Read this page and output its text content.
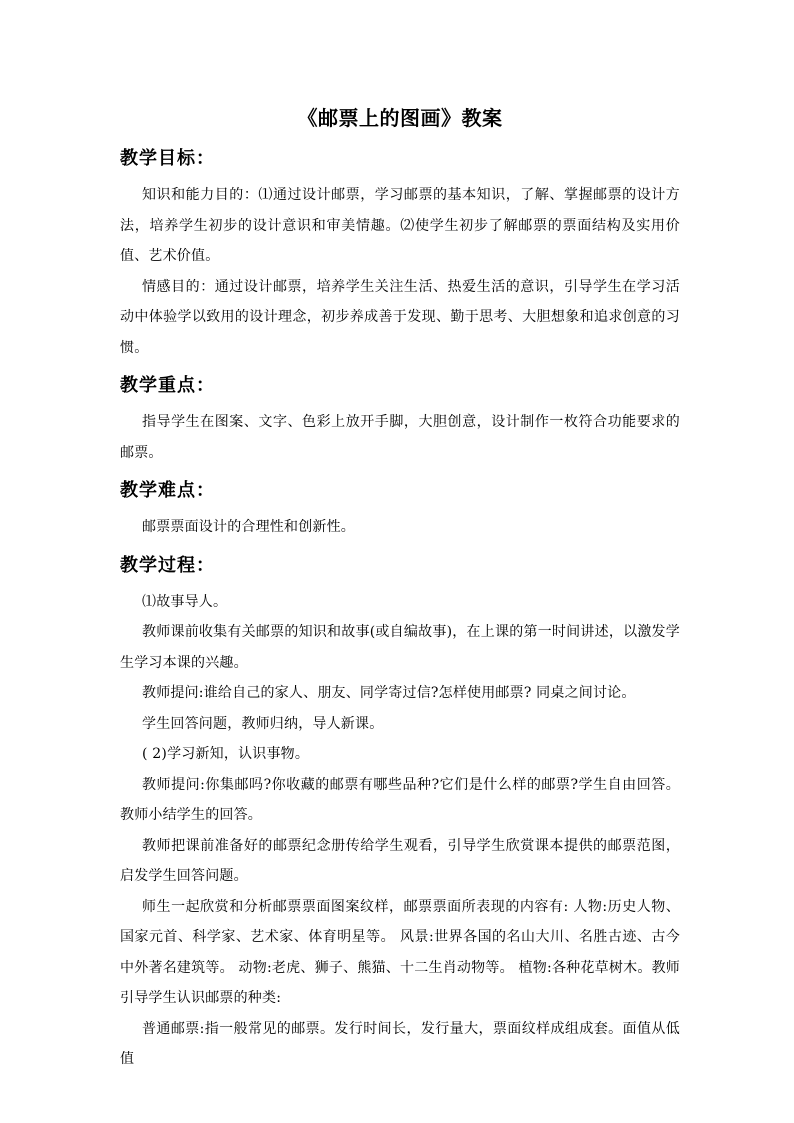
《邮票上的图画》教案
教学目标：

知识和能力目的：⑴通过设计邮票，学习邮票的基本知识，了解、掌握邮票的设计方法，培养学生初步的设计意识和审美情趣。⑵使学生初步了解邮票的票面结构及实用价值、艺术价值。

情感目的：通过设计邮票，培养学生关注生活、热爱生活的意识，引导学生在学习活动中体验学以致用的设计理念，初步养成善于发现、勤于思考、大胆想象和追求创意的习惯。

教学重点：

指导学生在图案、文字、色彩上放开手脚，大胆创意，设计制作一枚符合功能要求的邮票。

教学难点：

邮票票面设计的合理性和创新性。

教学过程：

⑴故事导人。

教师课前收集有关邮票的知识和故事(或自编故事)，在上课的第一时间讲述，以激发学生学习本课的兴趣。

教师提问:谁给自己的家人、朋友、同学寄过信?怎样使用邮票? 同桌之间讨论。

学生回答问题，教师归纳，导人新课。

( 2)学习新知，认识事物。

教师提问:你集邮吗?你收藏的邮票有哪些品种?它们是什么样的邮票?学生自由回答。教师小结学生的回答。

教师把课前准备好的邮票纪念册传给学生观看，引导学生欣赏课本提供的邮票范图，启发学生回答问题。

师生一起欣赏和分析邮票票面图案纹样，邮票票面所表现的内容有: 人物:历史人物、国家元首、科学家、艺术家、体育明星等。 风景:世界各国的名山大川、名胜古迹、古今中外著名建筑等。 动物:老虎、狮子、熊猫、十二生肖动物等。 植物:各种花草树木。教师引导学生认识邮票的种类:

普通邮票:指一般常见的邮票。发行时间长，发行量大，票面纹样成组成套。面值从低值
